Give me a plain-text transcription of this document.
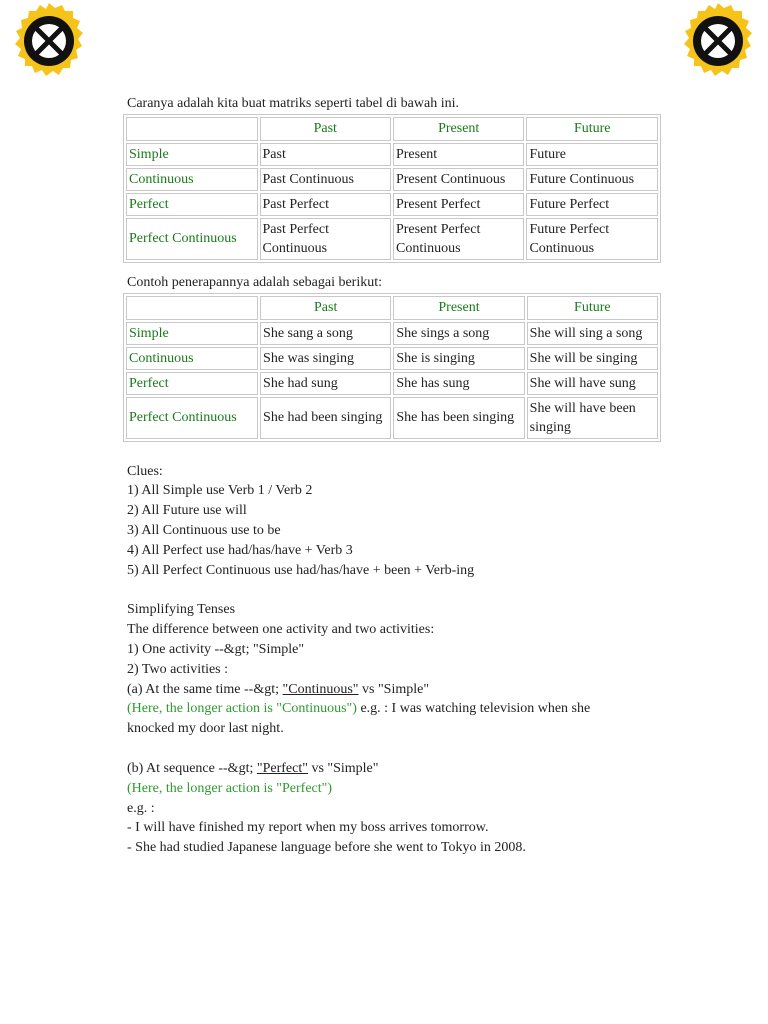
Caranya adalah kita buat matriks seperti tabel di bawah ini.
	Past	Present	Future
Simple	Past	Present	Future
Continuous	Past Continuous	Present Continuous	Future Continuous
Perfect	Past Perfect	Present Perfect	Future Perfect
Perfect Continuous	Past Perfect Continuous	Present Perfect Continuous	Future Perfect Continuous
Contoh penerapannya adalah sebagai berikut:
	Past	Present	Future
Simple	She sang a song	She sings a song	She will sing a song
Continuous	She was singing	She is singing	She will be singing
Perfect	She had sung	She has sung	She will have sung
Perfect Continuous	She had been singing	She has been singing	She will have been singing
Clues:
1) All Simple use Verb 1 / Verb 2
2) All Future use will
3) All Continuous use to be
4) All Perfect use had/has/have + Verb 3
5) All Perfect Continuous use had/has/have + been + Verb-ing
Simplifying Tenses
The difference between one activity and two activities:
1) One activity --&gt; "Simple"
2) Two activities :
(a) At the same time --&gt; "Continuous" vs "Simple"
(Here, the longer action is "Continuous") e.g. : I was watching television when she
knocked my door last night.
(b) At sequence --&gt; "Perfect" vs "Simple"
(Here, the longer action is "Perfect")
e.g. :
- I will have finished my report when my boss arrives tomorrow.
- She had studied Japanese language before she went to Tokyo in 2008.
